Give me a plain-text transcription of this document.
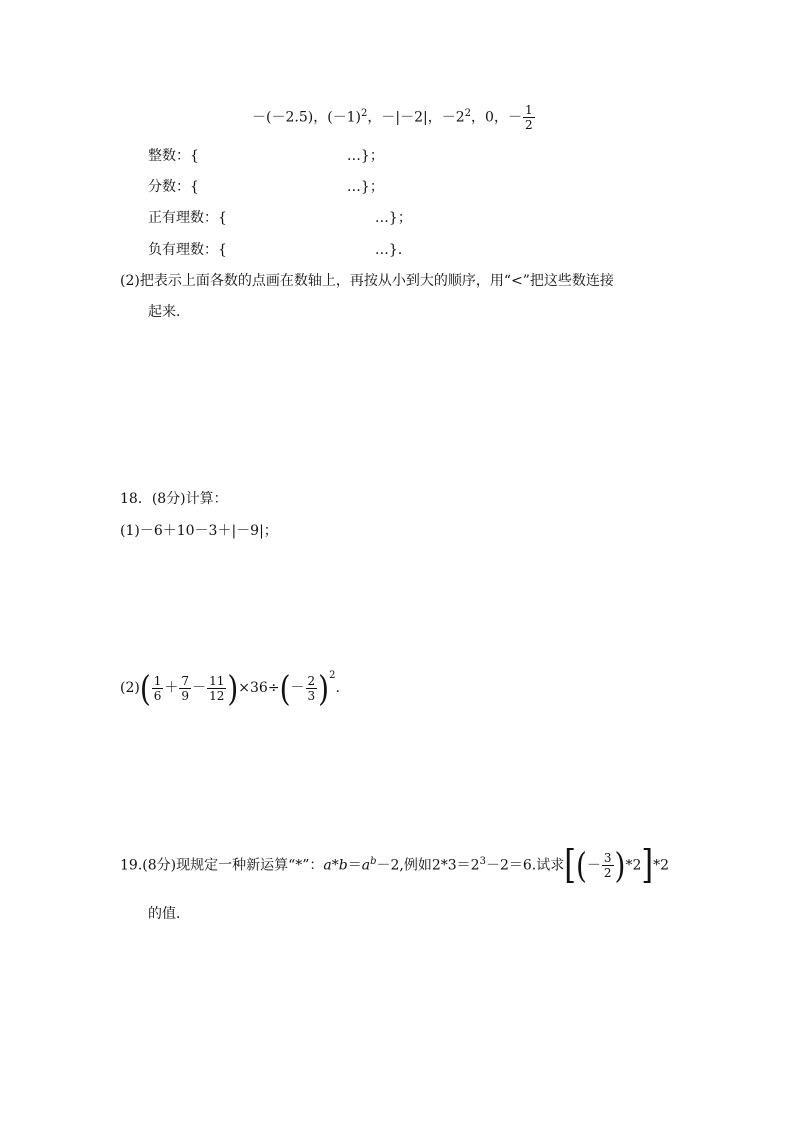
－(－2.5)，$(-1)^2$，－|－2|，$-2^2$，0，－ $\frac{1}{2}$
整数：{	…}；
分数：{	…}；
正有理数：{	…}；
负有理数：{	…}．
(2)把表示上面各数的点画在数轴上，再按从小到大的顺序，用“<”把这些数连接
起来．
18．(8分)计算：
(1)－6＋10－3＋|－9|；
$(2)( \frac{1}{6} + \frac{7}{9} - \frac{11}{12} )\times 36\div(- \frac{2}{3} )^2$.
19.(8分)现规定一种新运算“*”：$a*b=a^b-2$,例如$2*3=2^3-2=6$.试求[(－ $\frac{3}{2} )*2]*2$
的值．
